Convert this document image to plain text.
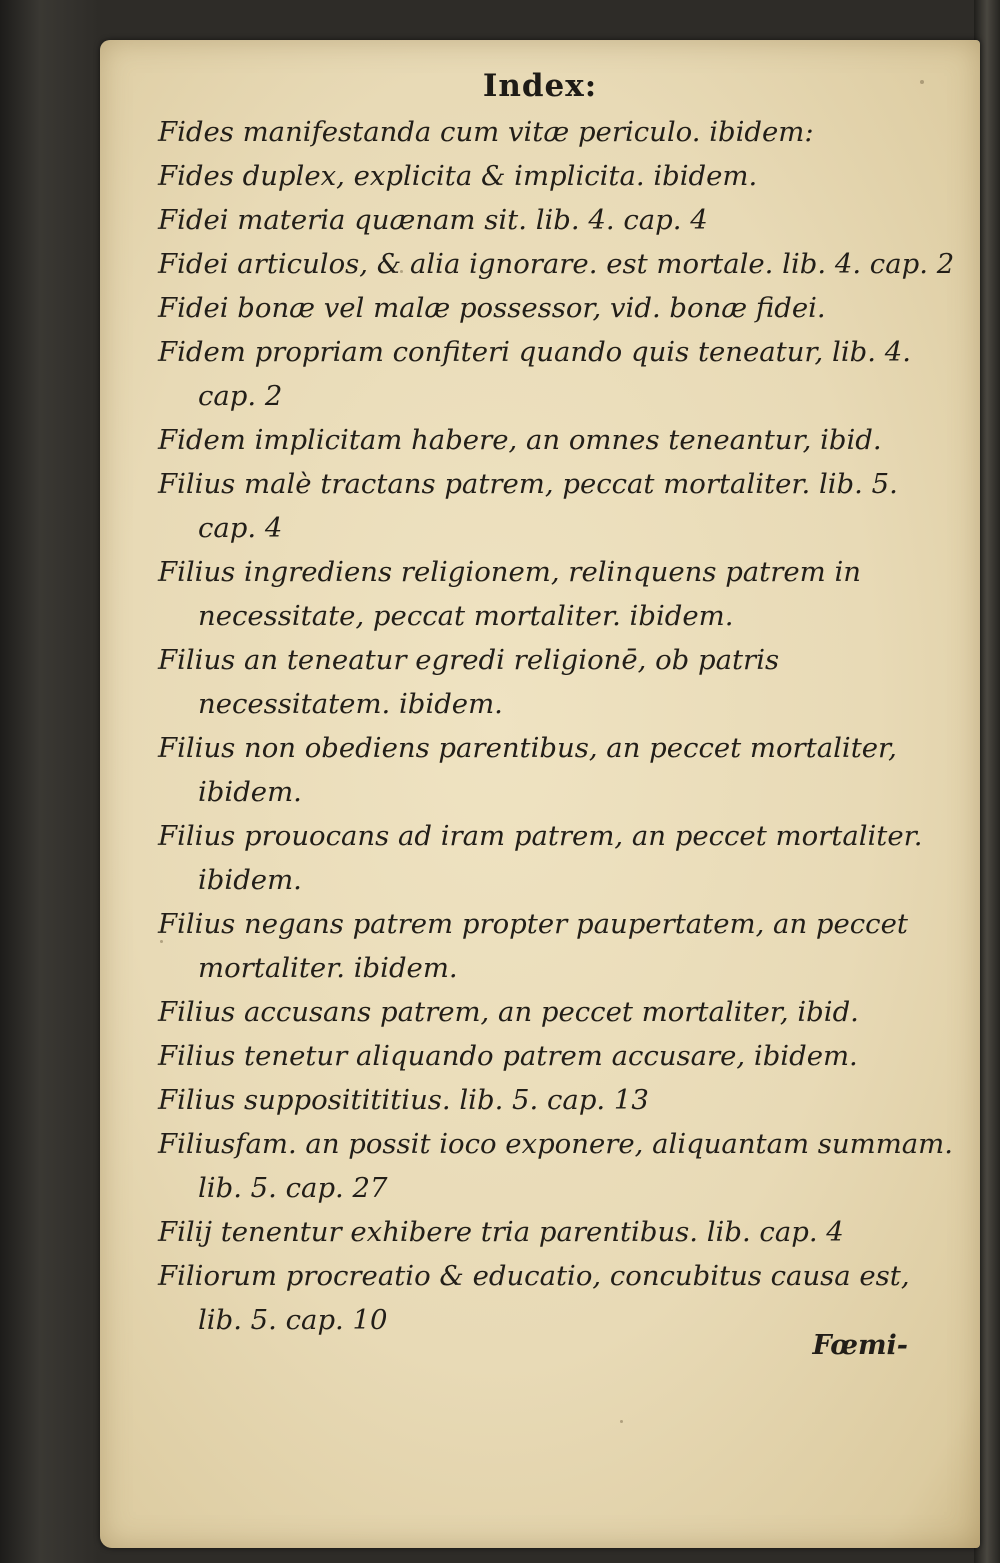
Index:

Fides manifestanda cum vitæ periculo. ibidem:

Fides duplex, explicita & implicita. ibidem.

Fidei materia quænam sit. lib. 4. cap. 4

Fidei articulos, & alia ignorare. est mortale. lib. 4. cap. 2

Fidei bonæ vel malæ possessor, vid. bonæ fidei.

Fidem propriam confiteri quando quis teneatur, lib. 4. cap. 2

Fidem implicitam habere, an omnes teneantur, ibid.

Filius malè tractans patrem, peccat mortaliter. lib. 5. cap. 4

Filius ingrediens religionem, relinquens patrem in necessitate, peccat mortaliter. ibidem.

Filius an teneatur egredi religionē, ob patris necessitatem. ibidem.

Filius non obediens parentibus, an peccet mortaliter, ibidem.

Filius prouocans ad iram patrem, an peccet mortaliter. ibidem.

Filius negans patrem propter paupertatem, an peccet mortaliter. ibidem.

Filius accusans patrem, an peccet mortaliter, ibid.

Filius tenetur aliquando patrem accusare, ibidem.

Filius suppositititius. lib. 5. cap. 13

Filiusfam. an possit ioco exponere, aliquantam summam. lib. 5. cap. 27

Filij tenentur exhibere tria parentibus. lib. cap. 4

Filiorum procreatio & educatio, concubitus causa est, lib. 5. cap. 10

Fœmi-
